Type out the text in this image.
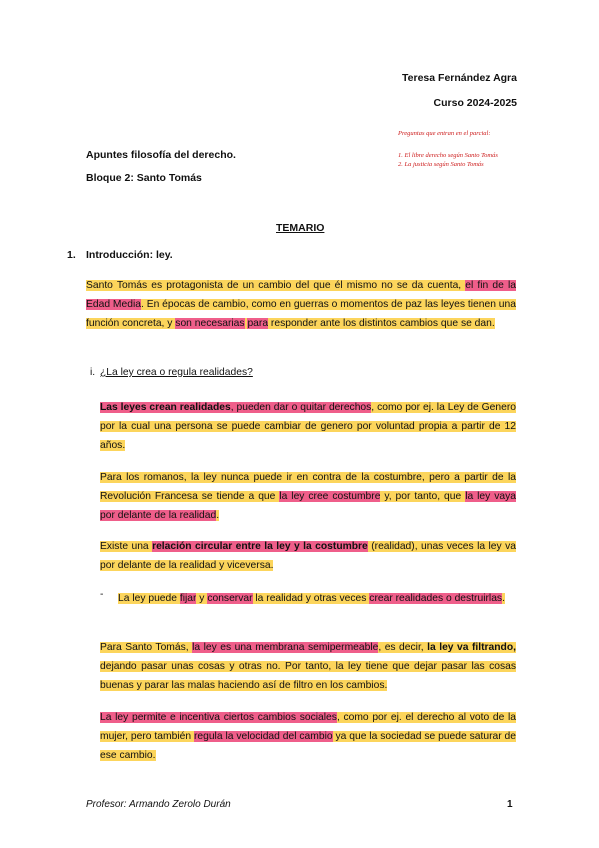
Teresa Fernández Agra
Curso 2024-2025
Preguntas que entran en el parcial:
1. El libre derecho según Santo Tomás
2. La justicia según Santo Tomás
Apuntes filosofía del derecho.
Bloque 2: Santo Tomás
TEMARIO
1. Introducción: ley.
Santo Tomás es protagonista de un cambio del que él mismo no se da cuenta, el fin de la Edad Media. En épocas de cambio, como en guerras o momentos de paz las leyes tienen una función concreta, y son necesarias para responder ante los distintos cambios que se dan.
i. ¿La ley crea o regula realidades?
Las leyes crean realidades, pueden dar o quitar derechos, como por ej. la Ley de Genero por la cual una persona se puede cambiar de genero por voluntad propia a partir de 12 años.
Para los romanos, la ley nunca puede ir en contra de la costumbre, pero a partir de la Revolución Francesa se tiende a que la ley cree costumbre y, por tanto, que la ley vaya por delante de la realidad.
Existe una relación circular entre la ley y la costumbre (realidad), unas veces la ley va por delante de la realidad y viceversa.
- La ley puede fijar y conservar la realidad y otras veces crear realidades o destruirlas.
Para Santo Tomás, la ley es una membrana semipermeable, es decir, la ley va filtrando, dejando pasar unas cosas y otras no. Por tanto, la ley tiene que dejar pasar las cosas buenas y parar las malas haciendo así de filtro en los cambios.
La ley permite e incentiva ciertos cambios sociales, como por ej. el derecho al voto de la mujer, pero también regula la velocidad del cambio ya que la sociedad se puede saturar de ese cambio.
Profesor: Armando Zerolo Durán	1
